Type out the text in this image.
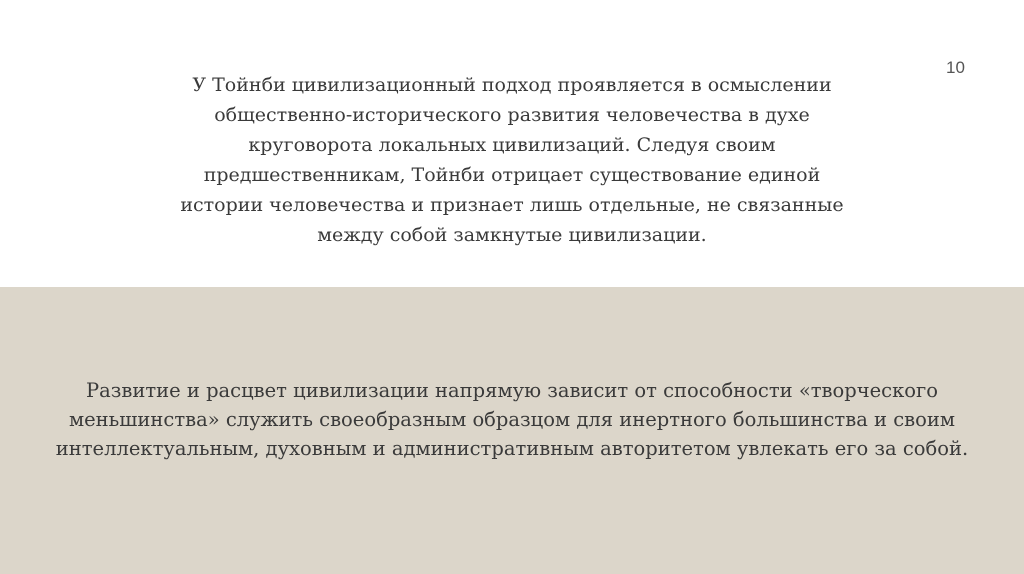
10
У Тойнби цивилизационный подход проявляется в осмыслении
общественно-исторического развития человечества в духе
круговорота локальных цивилизаций. Следуя своим
предшественникам, Тойнби отрицает существование единой
истории человечества и признает лишь отдельные, не связанные
между собой замкнутые цивилизации.
Развитие и расцвет цивилизации напрямую зависит от способности «творческого
меньшинства» служить своеобразным образцом для инертного большинства и своим
интеллектуальным, духовным и административным авторитетом увлекать его за собой.
